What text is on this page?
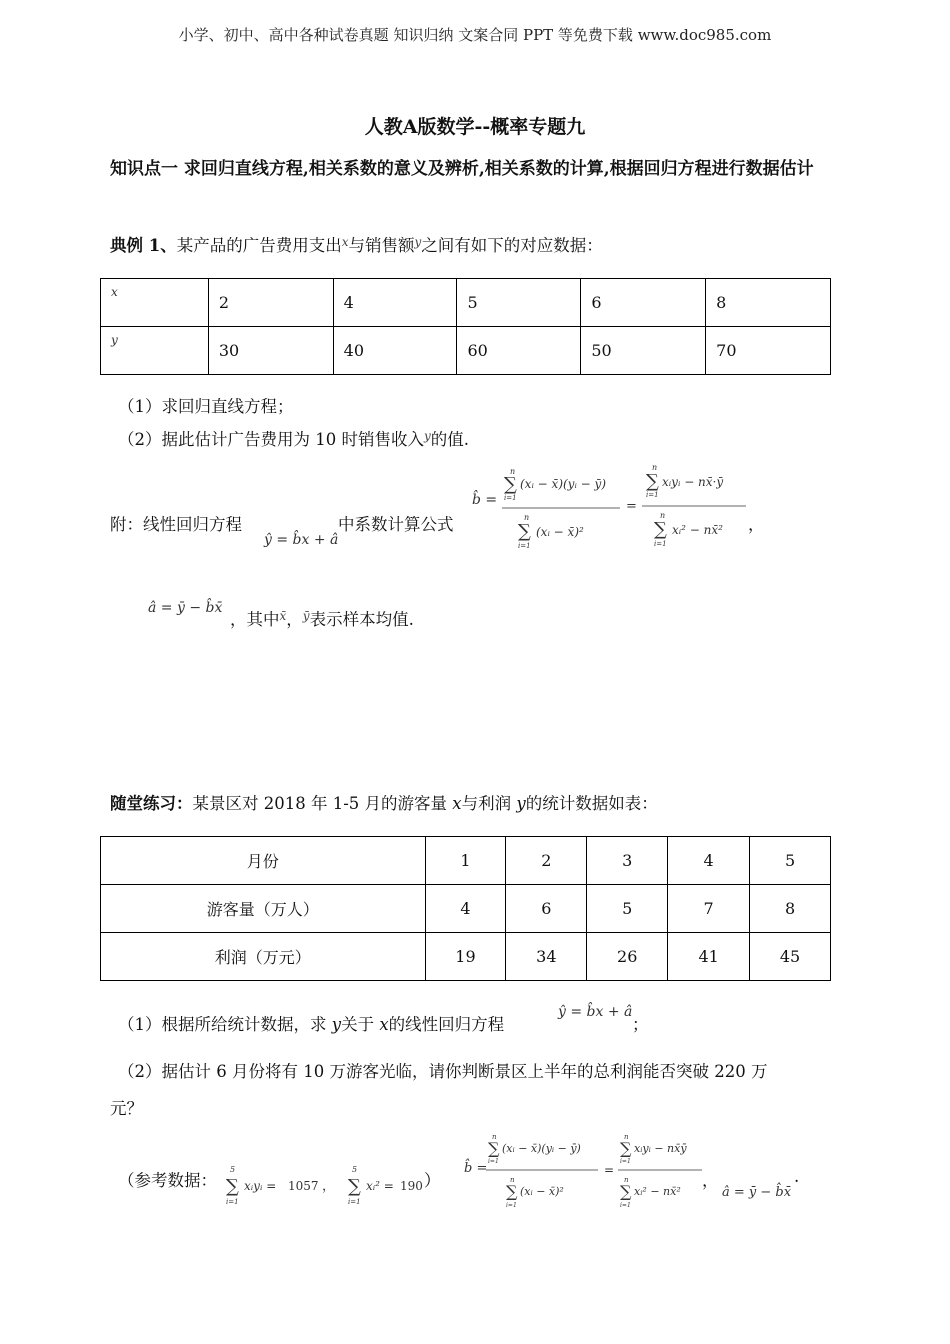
小学、初中、高中各种试卷真题 知识归纳 文案合同 PPT 等免费下载 www.doc985.com
人教A版数学--概率专题九
知识点一 求回归直线方程,相关系数的意义及辨析,相关系数的计算,根据回归方程进行数据估计
典例 1、某产品的广告费用支出$^x$与销售额$^y$之间有如下的对应数据：
x	2	4	5	6	8
y	30	40	60	50	70
（1）求回归直线方程；
（2）据此估计广告费用为 10 时销售收入$^y$的值.
附：线性回归方程
ŷ = b̂x + â
中系数计算公式
b̂ =
n
∑
i=1
(xᵢ − x̄)(yᵢ − ȳ)
n
∑
i=1
(xᵢ − x̄)²
=
n
∑
i=1
xᵢyᵢ − nx̄·ȳ
n
∑
i=1
xᵢ² − nx̄² ，
â = ȳ − b̂x̄
，其中$^{x̄}$，$^ȳ$表示样本均值.
随堂练习：某景区对 2018 年 1-5 月的游客量 x与利润 y的统计数据如表：
月份	1	2	3	4	5
游客量（万人）	4	6	5	7	8
利润（万元）	19	34	26	41	45
（1）根据所给统计数据，求 y关于 x的线性回归方程
ŷ = b̂x + â
；
（2）据估计 6 月份将有 10 万游客光临，请你判断景区上半年的总利润能否突破 220 万
元？
（参考数据：
5
∑
i=1
xᵢyᵢ = 1057 ，
5
∑
i=1
xᵢ² = 190 ）
b̂ =
n
∑
i=1
(xᵢ − x̄)(yᵢ − ȳ)
n
∑
i=1
(xᵢ − x̄)²
=
n
∑
i=1
xᵢyᵢ − nx̄ȳ
n
∑
i=1
xᵢ² − nx̄²
，
â = ȳ − b̂x̄
.
